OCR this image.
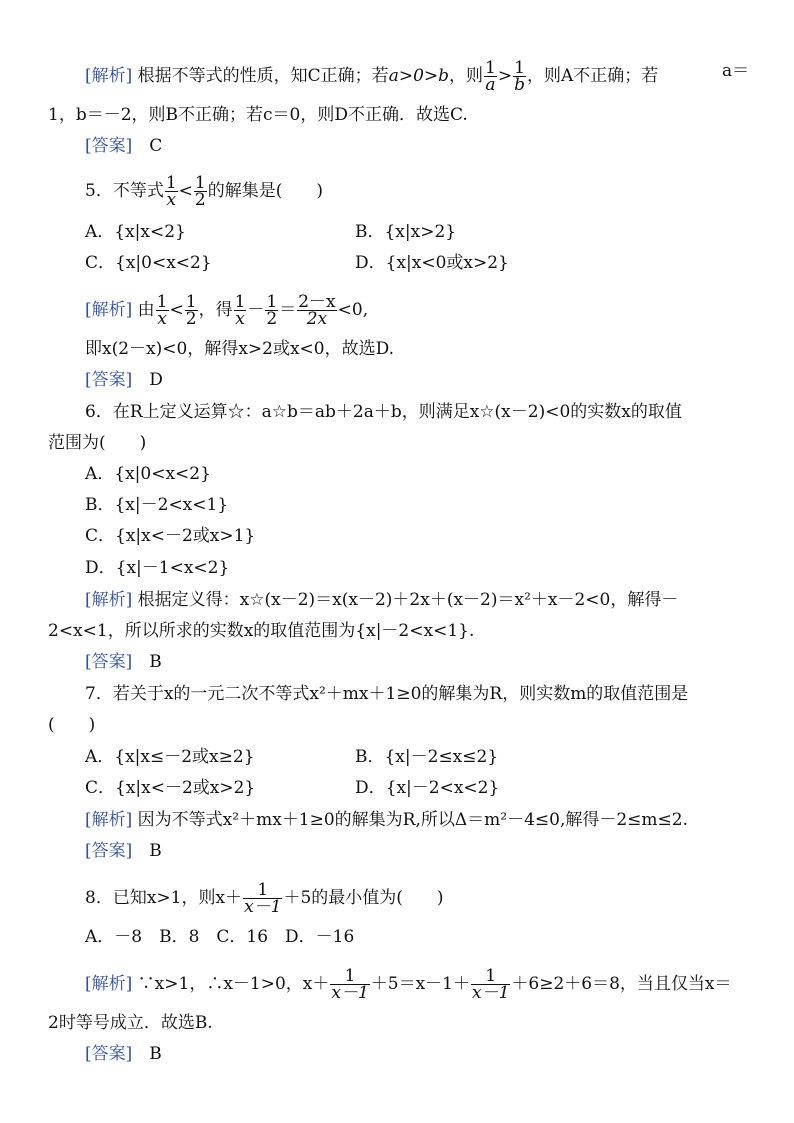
[解析] 根据不等式的性质，知C正确；若a>0>b，则 $\frac{1}{a} > \frac{1}{b}$ ，则A不正确；若	a＝
1，b＝－2，则B不正确；若c＝0，则D不正确．故选C.
[答案]　 C
5．不等式 $\frac{1}{x} < \frac{1}{2}$ 的解集是(　　)
A．{x|x<2}	B．{x|x>2}
C．{x|0<x<2}	D．{x|x<0或x>2}
[解析] 由 $\frac{1}{x} < \frac{1}{2}$ ，得 $\frac{1}{x} - \frac{1}{2} = \frac{2-x}{2x} <0$,
即x(2－x)<0，解得x>2或x<0，故选D.
[答案]　 D
6．在R上定义运算☆：a☆b＝ab＋2a＋b，则满足x☆(x－2)<0的实数x的取值
范围为(　　)
A．{x|0<x<2}
B．{x|－2<x<1}
C．{x|x<－2或x>1}
D．{x|－1<x<2}
[解析] 根据定义得：x☆(x－2)＝x(x－2)＋2x＋(x－2)＝x²＋x－2<0，解得－
2<x<1，所以所求的实数x的取值范围为{x|－2<x<1}.
[答案]　 B
7．若关于x的一元二次不等式x²＋mx＋1≥0的解集为R，则实数m的取值范围是
(　　)
A．{x|x≤－2或x≥2}	B．{x|－2≤x≤2}
C．{x|x<－2或x>2}	D．{x|－2<x<2}
[解析] 因为不等式x²＋mx＋1≥0的解集为R,所以Δ＝m²－4≤0,解得－2≤m≤2.
[答案]　 B
8．已知x>1，则$x+ \frac{1}{x-1} +5$的最小值为(　　)
A．－8　B．8　C．16　D．－16
[解析] ∵x>1，∴x－1>0，$x+ \frac{1}{x-1} +5=x-1+ \frac{1}{x-1} +6\ge 2+6=8$，当且仅当x＝
2时等号成立．故选B.
[答案]　 B
